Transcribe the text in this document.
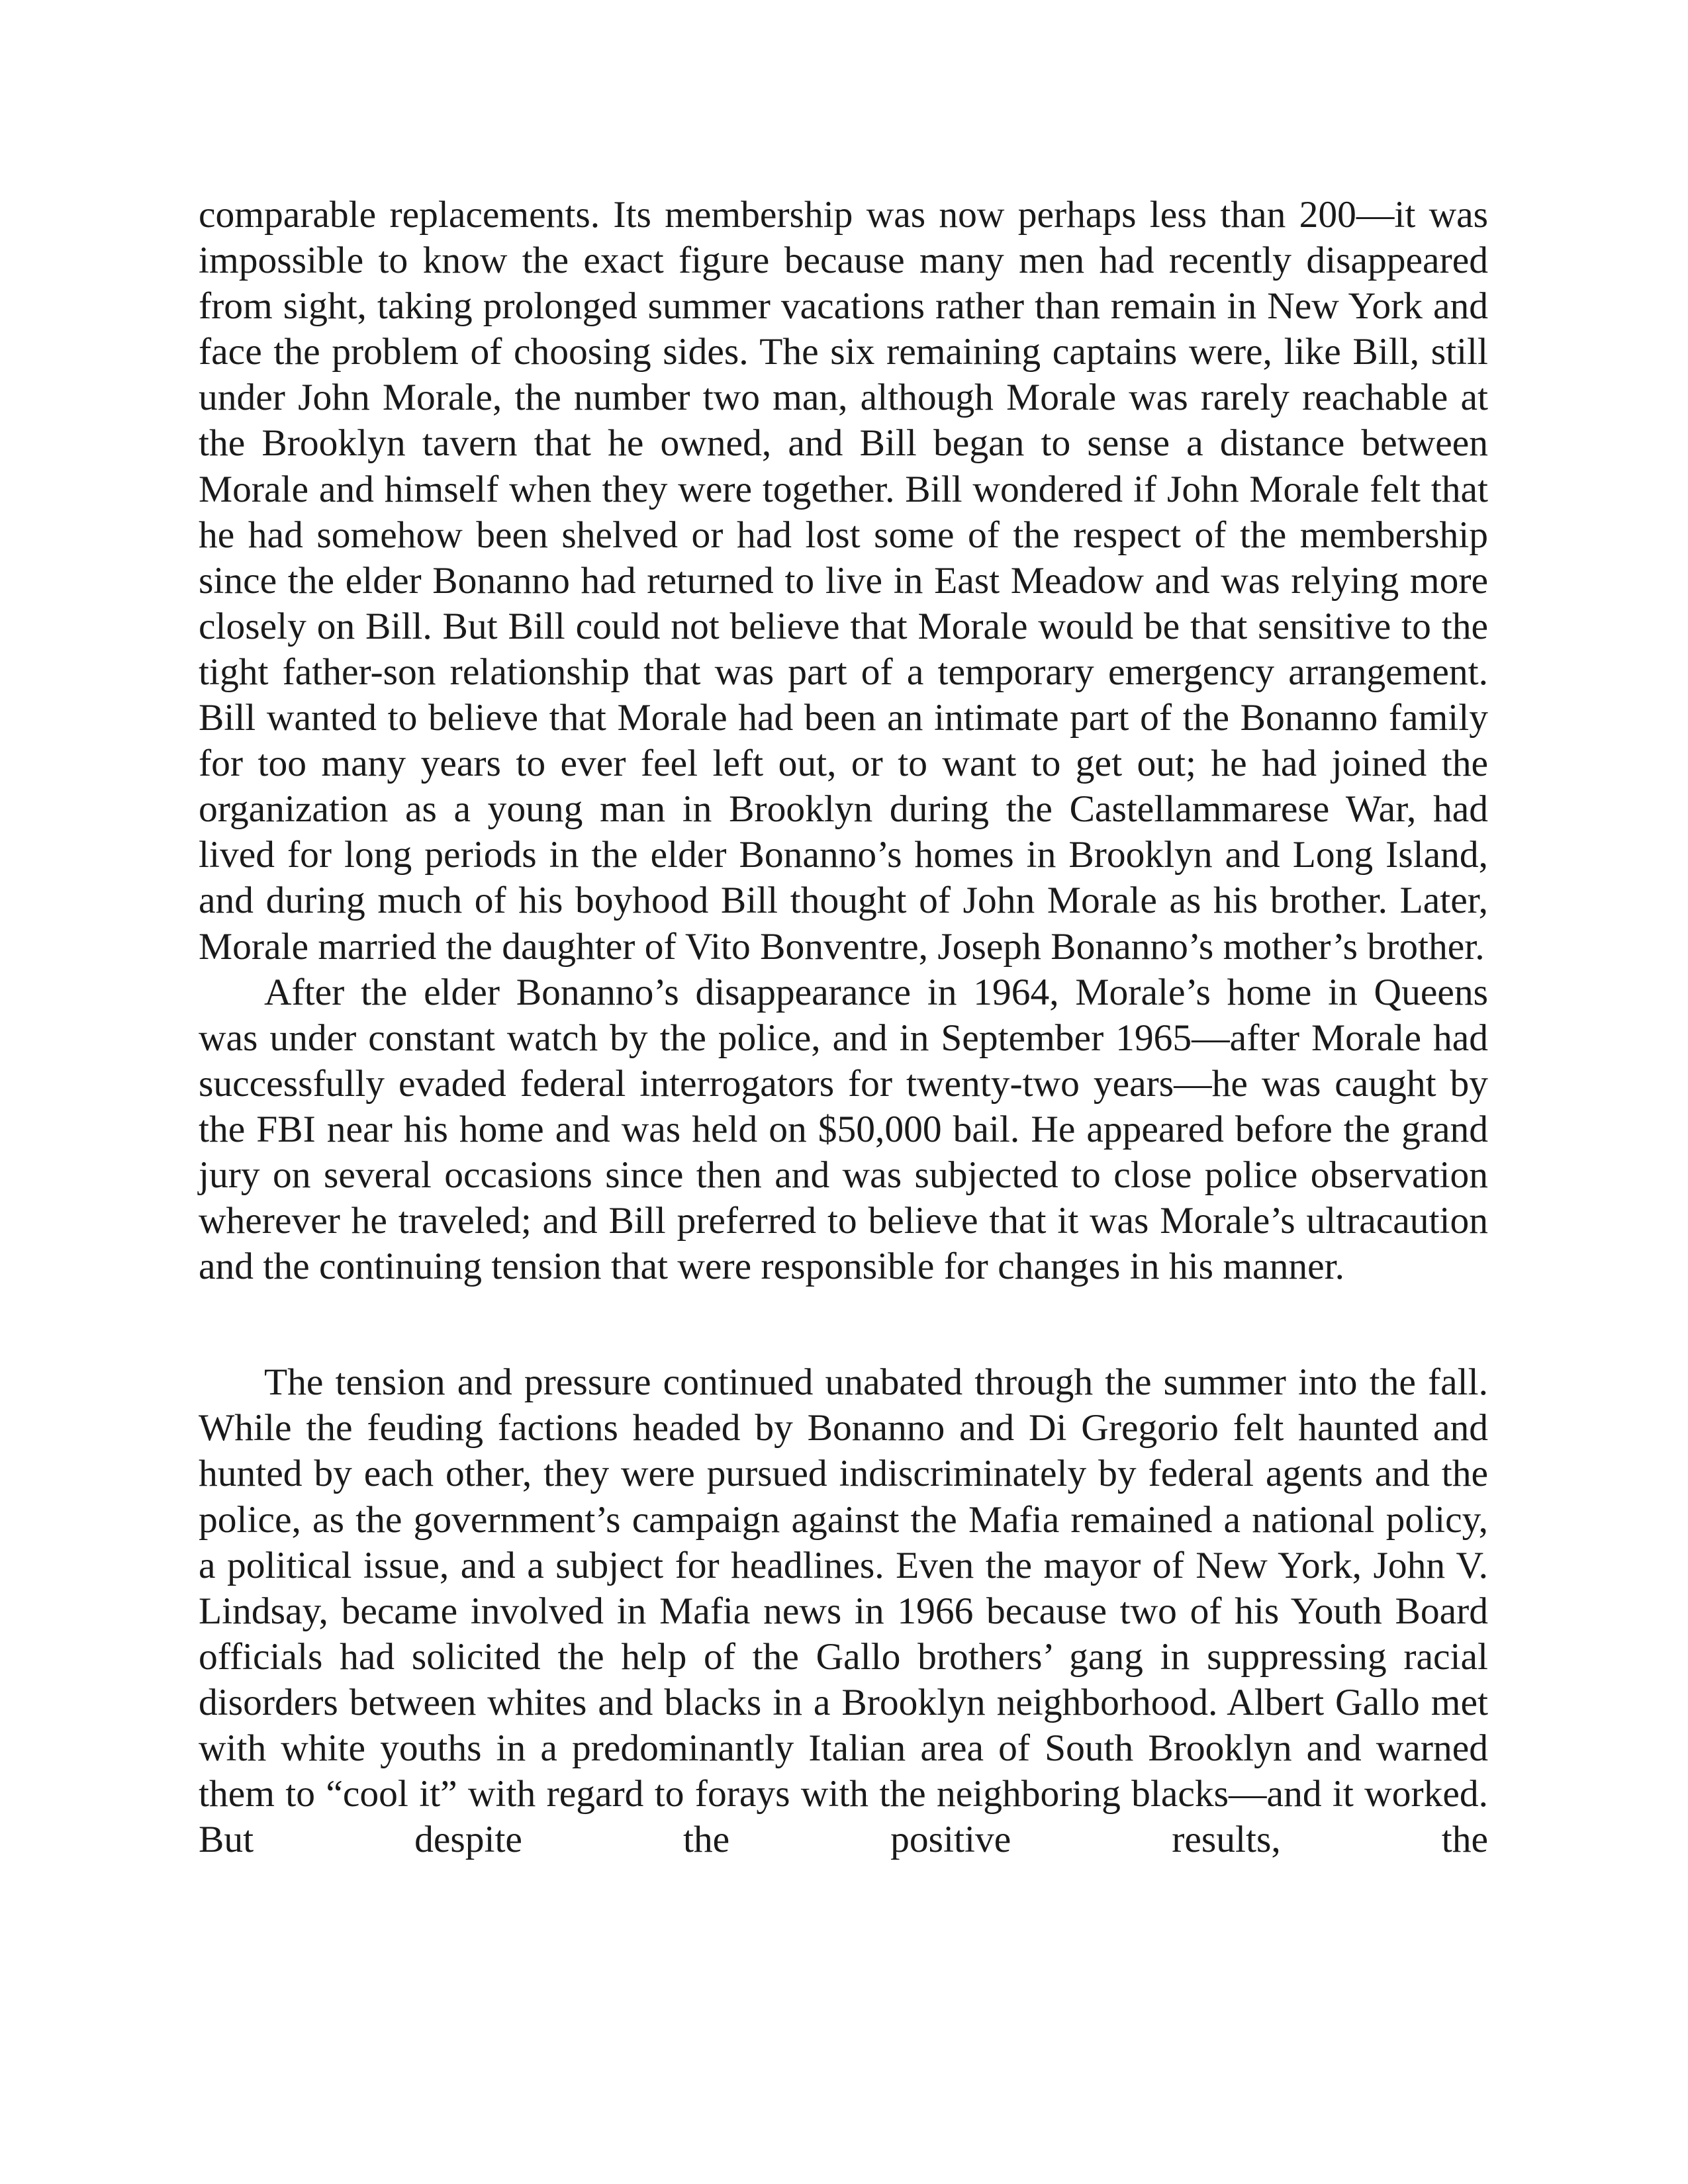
comparable replacements. Its membership was now perhaps less than 200—it was impossible to know the exact figure because many men had recently disappeared from sight, taking prolonged summer vacations rather than remain in New York and face the problem of choosing sides. The six remaining captains were, like Bill, still under John Morale, the number two man, although Morale was rarely reachable at the Brooklyn tavern that he owned, and Bill began to sense a distance between Morale and himself when they were together. Bill wondered if John Morale felt that he had somehow been shelved or had lost some of the respect of the membership since the elder Bonanno had returned to live in East Meadow and was relying more closely on Bill. But Bill could not believe that Morale would be that sensitive to the tight father-son relationship that was part of a temporary emergency arrangement. Bill wanted to believe that Morale had been an intimate part of the Bonanno family for too many years to ever feel left out, or to want to get out; he had joined the organization as a young man in Brooklyn during the Castellammarese War, had lived for long periods in the elder Bonanno’s homes in Brooklyn and Long Island, and during much of his boyhood Bill thought of John Morale as his brother. Later, Morale married the daughter of Vito Bonventre, Joseph Bonanno’s mother’s brother.

After the elder Bonanno’s disappearance in 1964, Morale’s home in Queens was under constant watch by the police, and in September 1965—after Morale had successfully evaded federal interrogators for twenty-two years—he was caught by the FBI near his home and was held on $50,000 bail. He appeared before the grand jury on several occasions since then and was subjected to close police observation wherever he traveled; and Bill preferred to believe that it was Morale’s ultracaution and the continuing tension that were responsible for changes in his manner.

The tension and pressure continued unabated through the summer into the fall. While the feuding factions headed by Bonanno and Di Gregorio felt haunted and hunted by each other, they were pursued indiscriminately by federal agents and the police, as the government’s campaign against the Mafia remained a national policy, a political issue, and a subject for headlines. Even the mayor of New York, John V. Lindsay, became involved in Mafia news in 1966 because two of his Youth Board officials had solicited the help of the Gallo brothers’ gang in suppressing racial disorders between whites and blacks in a Brooklyn neighborhood. Albert Gallo met with white youths in a predominantly Italian area of South Brooklyn and warned them to “cool it” with regard to forays with the neighboring blacks—and it worked. But despite the positive results, the
